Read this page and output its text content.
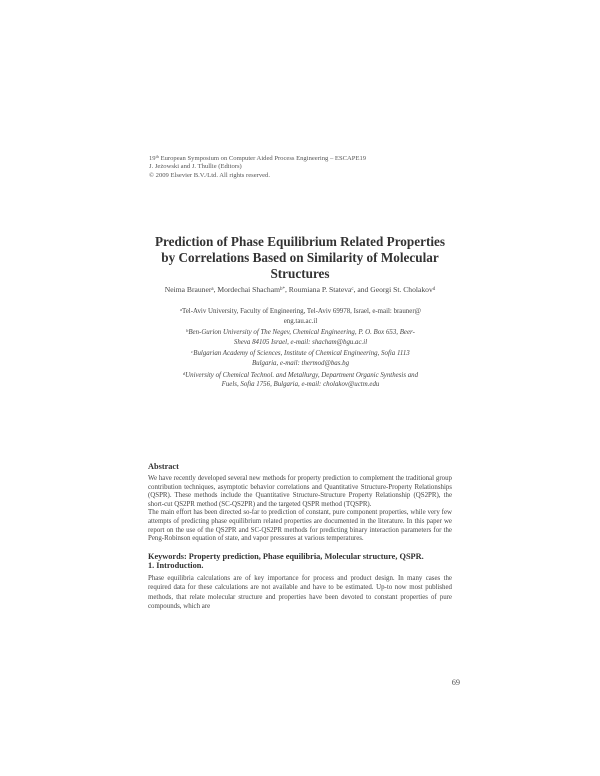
19th European Symposium on Computer Aided Process Engineering – ESCAPE19
J. Jeżowski and J. Thullie (Editors)
© 2009 Elsevier B.V./Ltd. All rights reserved.
Prediction of Phase Equilibrium Related Properties
by Correlations Based on Similarity of Molecular
Structures
Neima Brauner$^a$, Mordechai Shacham$^{b*}$, Roumiana P. Stateva$^c$, and Georgi St. Cholakov$^d$
$^a$Tel-Aviv University, Faculty of Engineering, Tel-Aviv 69978, Israel, e-mail: brauner@
eng.tau.ac.il
$^b$Ben-Gurion University of The Negev, Chemical Engineering, P. O. Box 653, Beer-
Sheva 84105 Israel, e-mail: shacham@bgu.ac.il
$^c$Bulgarian Academy of Sciences, Institute of Chemical Engineering, Sofia 1113
Bulgaria, e-mail: thermod@bas.bg
$^d$University of Chemical Technol. and Metallurgy, Department Organic Synthesis and
Fuels, Sofia 1756, Bulgaria, e-mail: cholakov@uctm.edu
Abstract

We have recently developed several new methods for property prediction to complement the traditional group contribution techniques, asymptotic behavior correlations and Quantitative Structure-Property Relationships (QSPR). These methods include the Quantitative Structure-Structure Property Relationship (QS2PR), the short-cut QS2PR method (SC-QS2PR) and the targeted QSPR method (TQSPR).

The main effort has been directed so-far to prediction of constant, pure component properties, while very few attempts of predicting phase equilibrium related properties are documented in the literature. In this paper we report on the use of the QS2PR and SC-QS2PR methods for predicting binary interaction parameters for the Peng-Robinson equation of state, and vapor pressures at various temperatures.

Keywords: Property prediction, Phase equilibria, Molecular structure, QSPR.
1. Introduction.

Phase equilibria calculations are of key importance for process and product design. In many cases the required data for these calculations are not available and have to be estimated. Up-to now most published methods, that relate molecular structure and properties have been devoted to constant properties of pure compounds, which are

69
